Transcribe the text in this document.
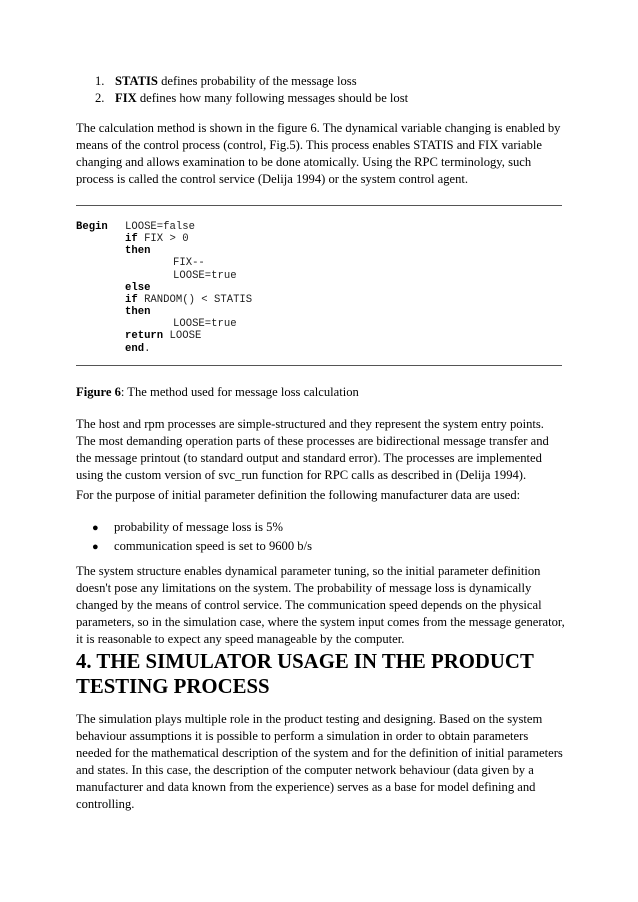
1. STATIS defines probability of the message loss
2. FIX defines how many following messages should be lost

The calculation method is shown in the figure 6. The dynamical variable changing is enabled by means of the control process (control, Fig.5). This process enables STATIS and FIX variable changing and allows examination to be done atomically. Using the RPC terminology, such process is called the control service (Delija 1994) or the system control agent.

Begin LOOSE=false
if FIX > 0
then
FIX--
LOOSE=true
else
if RANDOM() < STATIS
then
LOOSE=true
return LOOSE
end.
Figure 6: The method used for message loss calculation

The host and rpm processes are simple-structured and they represent the system entry points. The most demanding operation parts of these processes are bidirectional message transfer and the message printout (to standard output and standard error). The processes are implemented using the custom version of svc_run function for RPC calls as described in (Delija 1994).

For the purpose of initial parameter definition the following manufacturer data are used:

● probability of message loss is 5%
● communication speed is set to 9600 b/s

The system structure enables dynamical parameter tuning, so the initial parameter definition doesn't pose any limitations on the system. The probability of message loss is dynamically changed by the means of control service. The communication speed depends on the physical parameters, so in the simulation case, where the system input comes from the message generator, it is reasonable to expect any speed manageable by the computer.

4. THE SIMULATOR USAGE IN THE PRODUCT TESTING PROCESS

The simulation plays multiple role in the product testing and designing. Based on the system behaviour assumptions it is possible to perform a simulation in order to obtain parameters needed for the mathematical description of the system and for the definition of initial parameters and states. In this case, the description of the computer network behaviour (data given by a manufacturer and data known from the experience) serves as a base for model defining and controlling.
